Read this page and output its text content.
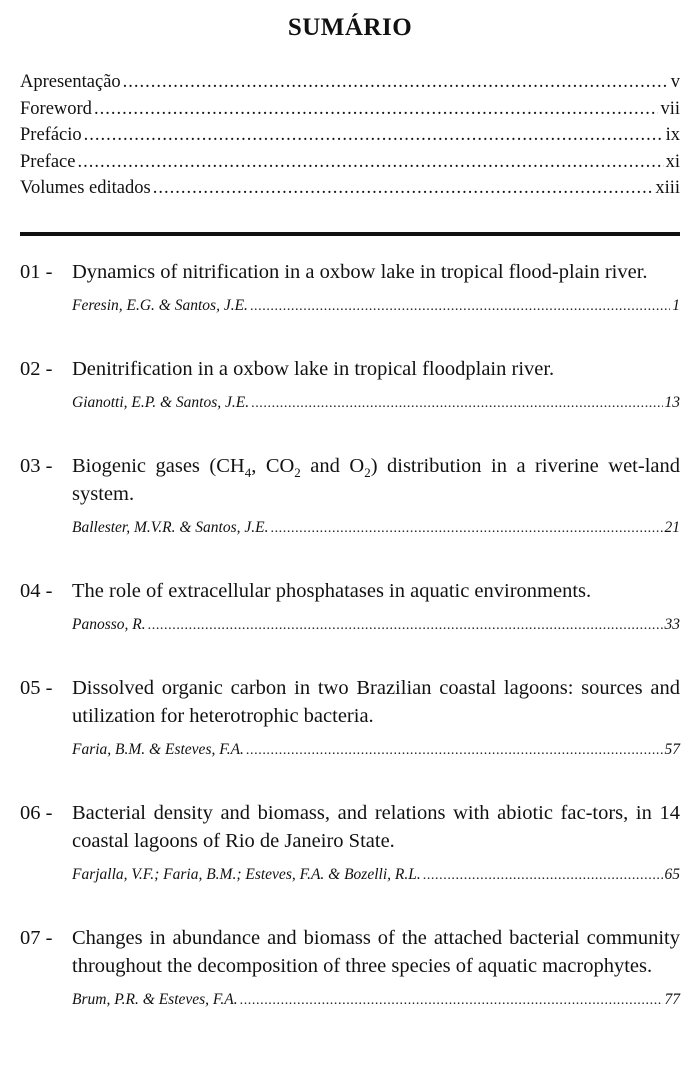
SUMÁRIO
Apresentação .....	v
Foreword .....	vii
Prefácio .....	ix
Preface .....	xi
Volumes editados .....	xiii
01 - Dynamics of nitrification in a oxbow lake in tropical flood-plain river.
Feresin, E.G. & Santos, J.E. .....	1
02 - Denitrification in a oxbow lake in tropical floodplain river.
Gianotti, E.P. & Santos, J.E. .....	13
03 - Biogenic gases ($CH_4$, $CO_2$ and $O_2$) distribution in a riverine wet-land system.
Ballester, M.V.R. & Santos, J.E. .....	21
04 - The role of extracellular phosphatases in aquatic environments.
Panosso, R. .....	33
05 - Dissolved organic carbon in two Brazilian coastal lagoons: sources and utilization for heterotrophic bacteria.
Faria, B.M. & Esteves, F.A. .....	57
06 - Bacterial density and biomass, and relations with abiotic fac-tors, in 14 coastal lagoons of Rio de Janeiro State.
Farjalla, V.F.; Faria, B.M.; Esteves, F.A. & Bozelli, R.L. .....	65
07 - Changes in abundance and biomass of the attached bacterial community throughout the decomposition of three species of aquatic macrophytes.
Brum, P.R. & Esteves, F.A. .....	77
